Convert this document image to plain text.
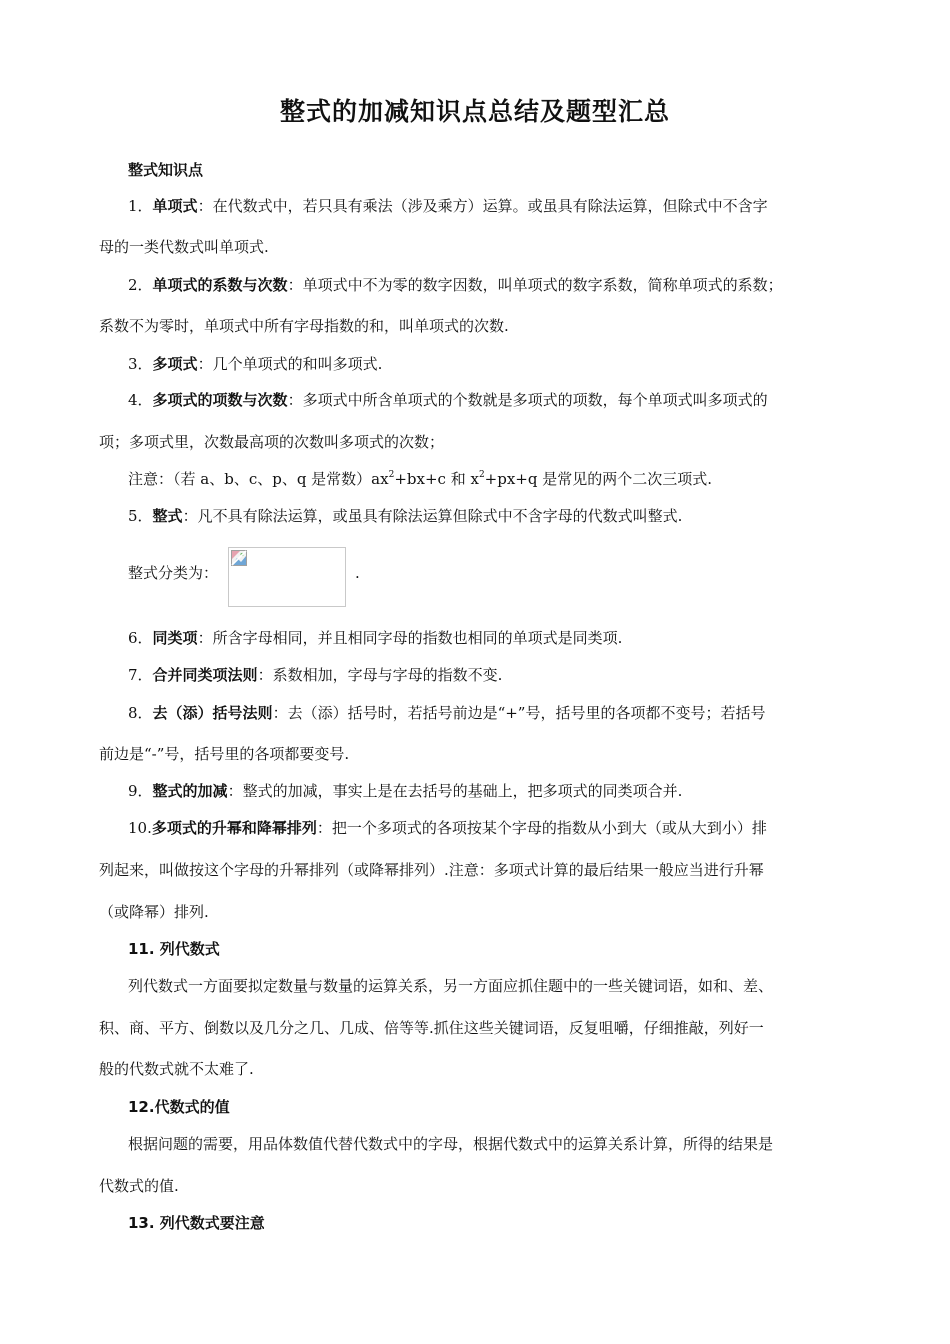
整式的加减知识点总结及题型汇总
整式知识点
1．单项式：在代数式中，若只具有乘法（涉及乘方）运算。或虽具有除法运算，但除式中不含字
母的一类代数式叫单项式.
2．单项式的系数与次数：单项式中不为零的数字因数，叫单项式的数字系数，简称单项式的系数；
系数不为零时，单项式中所有字母指数的和，叫单项式的次数.
3．多项式：几个单项式的和叫多项式.
4．多项式的项数与次数：多项式中所含单项式的个数就是多项式的项数，每个单项式叫多项式的
项；多项式里，次数最高项的次数叫多项式的次数；
注意：（若 a、b、c、p、q 是常数）$ax^2+bx+c$ 和 $x^2+px+q$ 是常见的两个二次三项式.
5．整式：凡不具有除法运算，或虽具有除法运算但除式中不含字母的代数式叫整式.
整式分类为：	.
6．同类项：所含字母相同，并且相同字母的指数也相同的单项式是同类项.
7．合并同类项法则：系数相加，字母与字母的指数不变.
8．去（添）括号法则：去（添）括号时，若括号前边是“+”号，括号里的各项都不变号；若括号
前边是“-”号，括号里的各项都要变号.
9．整式的加减：整式的加减，事实上是在去括号的基础上，把多项式的同类项合并.
10.多项式的升幂和降幂排列：把一个多项式的各项按某个字母的指数从小到大（或从大到小）排
列起来，叫做按这个字母的升幂排列（或降幂排列）.注意：多项式计算的最后结果一般应当进行升幂
（或降幂）排列.
11. 列代数式
列代数式一方面要拟定数量与数量的运算关系，另一方面应抓住题中的一些关键词语，如和、差、
积、商、平方、倒数以及几分之几、几成、倍等等.抓住这些关键词语，反复咀嚼，仔细推敲，列好一
般的代数式就不太难了.
12.代数式的值
根据问题的需要，用品体数值代替代数式中的字母，根据代数式中的运算关系计算，所得的结果是
代数式的值.
13. 列代数式要注意
